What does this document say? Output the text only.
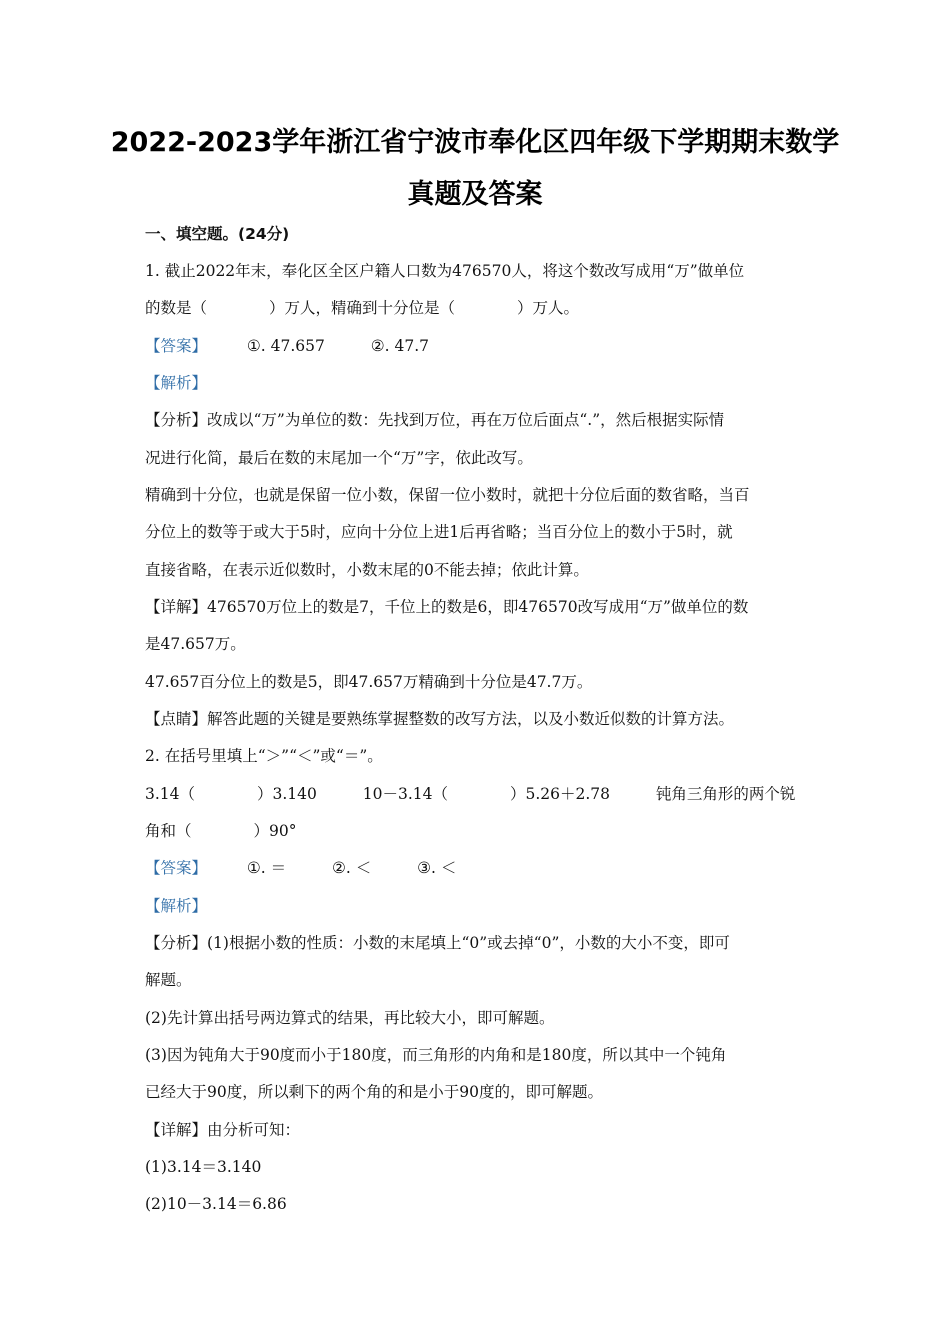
2022-2023学年浙江省宁波市奉化区四年级下学期期末数学
真题及答案
一、填空题。(24分)
1. 截止2022年末，奉化区全区户籍人口数为476570人，将这个数改写成用“万”做单位
的数是（　　　　）万人，精确到十分位是（　　　　）万人。
【答案】	①. 47.657	②. 47.7
【解析】
【分析】改成以“万”为单位的数：先找到万位，再在万位后面点“.”，然后根据实际情
况进行化简，最后在数的末尾加一个“万”字，依此改写。
精确到十分位，也就是保留一位小数，保留一位小数时，就把十分位后面的数省略，当百
分位上的数等于或大于5时，应向十分位上进1后再省略；当百分位上的数小于5时，就
直接省略，在表示近似数时，小数末尾的0不能去掉；依此计算。
【详解】476570万位上的数是7，千位上的数是6，即476570改写成用“万”做单位的数
是47.657万。
47.657百分位上的数是5，即47.657万精确到十分位是47.7万。
【点睛】解答此题的关键是要熟练掌握整数的改写方法，以及小数近似数的计算方法。
2. 在括号里填上“＞”“＜”或“＝”。
3.14（　　　　）3.140	10－3.14（　　　　）5.26＋2.78	钝角三角形的两个锐
角和（　　　　）90°
【答案】	①. ＝	②. ＜	③. ＜
【解析】
【分析】(1)根据小数的性质：小数的末尾填上“0”或去掉“0”，小数的大小不变，即可
解题。
(2)先计算出括号两边算式的结果，再比较大小，即可解题。
(3)因为钝角大于90度而小于180度，而三角形的内角和是180度，所以其中一个钝角
已经大于90度，所以剩下的两个角的和是小于90度的，即可解题。
【详解】由分析可知：
(1)3.14＝3.140
(2)10－3.14＝6.86
